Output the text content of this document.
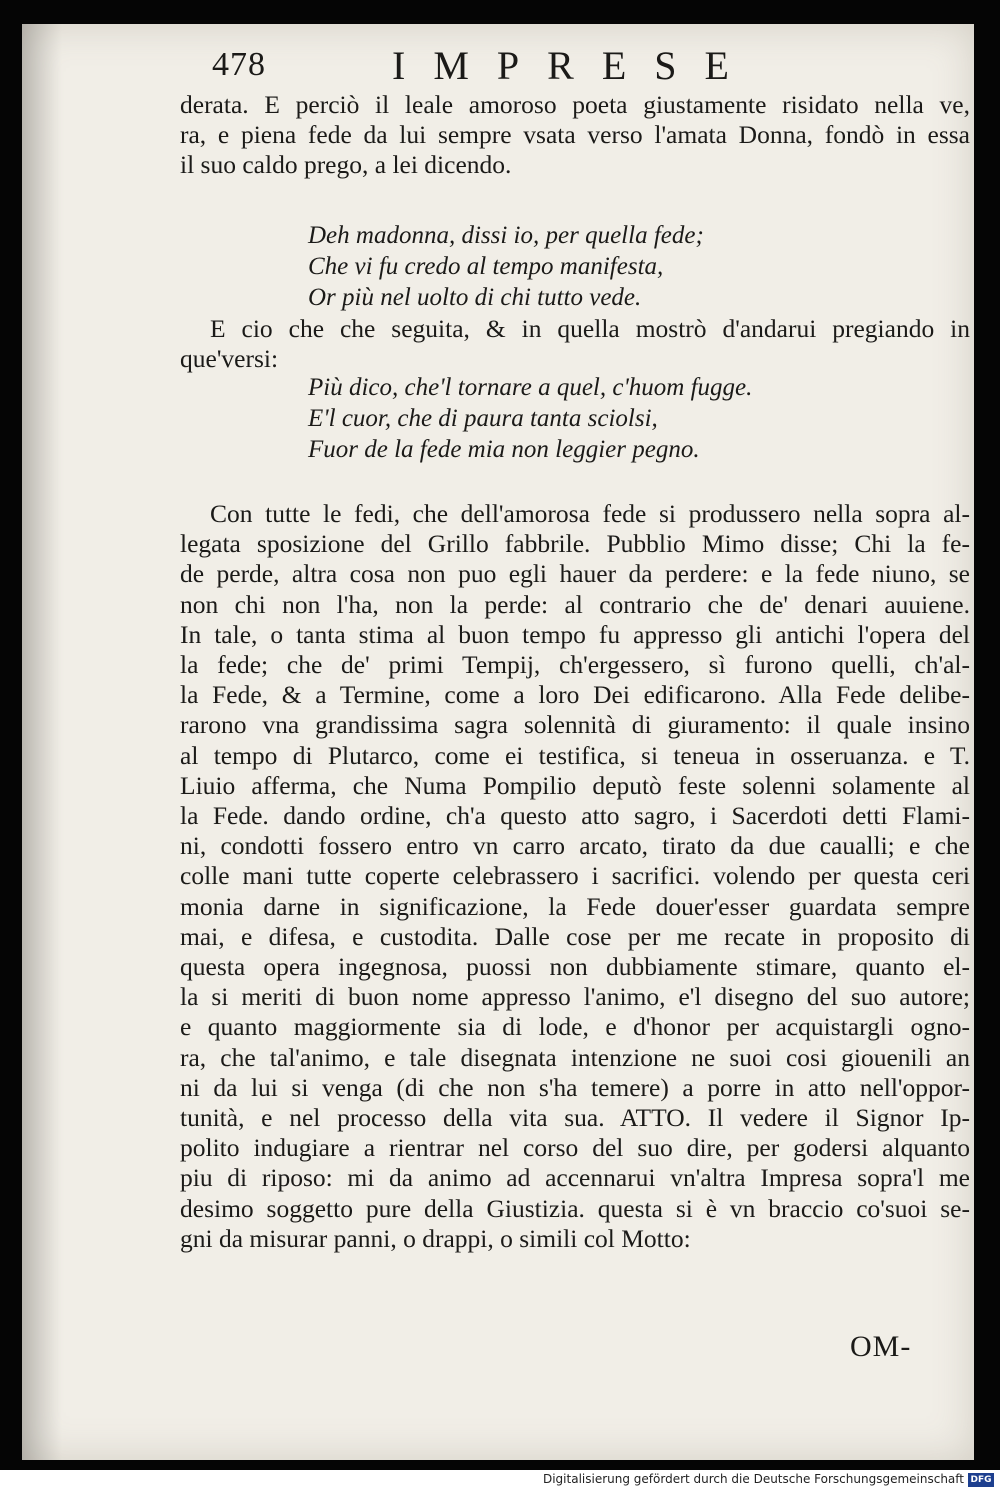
478	IMPRESE
derata. E perciò il leale amoroso poeta giustamente risidato nella ve,
ra, e piena fede da lui sempre vsata verso l'amata Donna, fondò in essa
il suo caldo prego, a lei dicendo.
Deh madonna, dissi io, per quella fede;
Che vi fu credo al tempo manifesta,
Or più nel uolto di chi tutto vede.
E cio che che seguita, & in quella mostrò d'andarui pregiando in
que'versi:
Più dico, che'l tornare a quel, c'huom fugge.
E'l cuor, che di paura tanta sciolsi,
Fuor de la fede mia non leggier pegno.
Con tutte le fedi, che dell'amorosa fede si produssero nella sopra al-
legata sposizione del Grillo fabbrile. Pubblio Mimo disse; Chi la fe-
de perde, altra cosa non puo egli hauer da perdere: e la fede niuno, se
non chi non l'ha, non la perde: al contrario che de' denari auuiene.
In tale, o tanta stima al buon tempo fu appresso gli antichi l'opera del
la fede; che de' primi Tempij, ch'ergessero, sì furono quelli, ch'al-
la Fede, & a Termine, come a loro Dei edificarono. Alla Fede delibe-
rarono vna grandissima sagra solennità di giuramento: il quale insino
al tempo di Plutarco, come ei testifica, si teneua in osseruanza. e T.
Liuio afferma, che Numa Pompilio deputò feste solenni solamente al
la Fede. dando ordine, ch'a questo atto sagro, i Sacerdoti detti Flami-
ni, condotti fossero entro vn carro arcato, tirato da due caualli; e che
colle mani tutte coperte celebrassero i sacrifici. volendo per questa ceri
monia darne in significazione, la Fede douer'esser guardata sempre
mai, e difesa, e custodita. Dalle cose per me recate in proposito di
questa opera ingegnosa, puossi non dubbiamente stimare, quanto el-
la si meriti di buon nome appresso l'animo, e'l disegno del suo autore;
e quanto maggiormente sia di lode, e d'honor per acquistargli ogno-
ra, che tal'animo, e tale disegnata intenzione ne suoi cosi giouenili an
ni da lui si venga (di che non s'ha temere) a porre in atto nell'oppor-
tunità, e nel processo della vita sua. ATTO. Il vedere il Signor Ip-
polito indugiare a rientrar nel corso del suo dire, per godersi alquanto
piu di riposo: mi da animo ad accennarui vn'altra Impresa sopra'l me
desimo soggetto pure della Giustizia. questa si è vn braccio co'suoi se-
gni da misurar panni, o drappi, o simili col Motto:
OM-
Digitalisierung gefördert durch die Deutsche Forschungsgemeinschaft DFG
